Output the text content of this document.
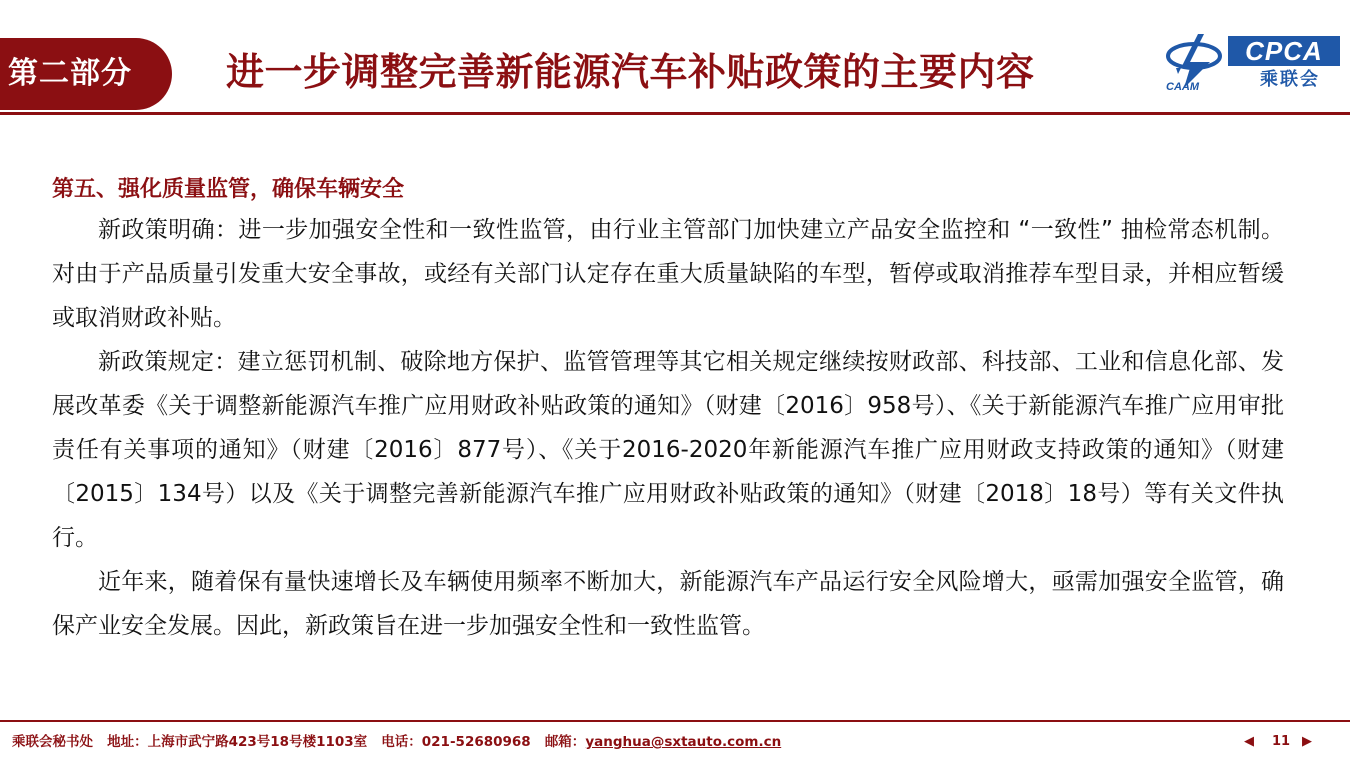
第二部分 进一步调整完善新能源汽车补贴政策的主要内容	CAAM
CPCA
乘联会
第五、强化质量监管，确保车辆安全

新政策明确：进一步加强安全性和一致性监管，由行业主管部门加快建立产品安全监控和 “一致性” 抽检常态机制。对由于产品质量引发重大安全事故，或经有关部门认定存在重大质量缺陷的车型，暂停或取消推荐车型目录，并相应暂缓或取消财政补贴。

新政策规定：建立惩罚机制、破除地方保护、监管管理等其它相关规定继续按财政部、科技部、工业和信息化部、发展改革委《关于调整新能源汽车推广应用财政补贴政策的通知》（财建〔2016〕958号）、《关于新能源汽车推广应用审批责任有关事项的通知》（财建〔2016〕877号）、《关于2016-2020年新能源汽车推广应用财政支持政策的通知》（财建〔2015〕134号）以及《关于调整完善新能源汽车推广应用财政补贴政策的通知》（财建〔2018〕18号）等有关文件执行。

近年来，随着保有量快速增长及车辆使用频率不断加大，新能源汽车产品运行安全风险增大，亟需加强安全监管，确保产业安全发展。因此，新政策旨在进一步加强安全性和一致性监管。

乘联会秘书处 地址：上海市武宁路423号18号楼1103室 电话：021-52680968 邮箱：yanghua@sxtauto.com.cn	◀ 11 ▶
